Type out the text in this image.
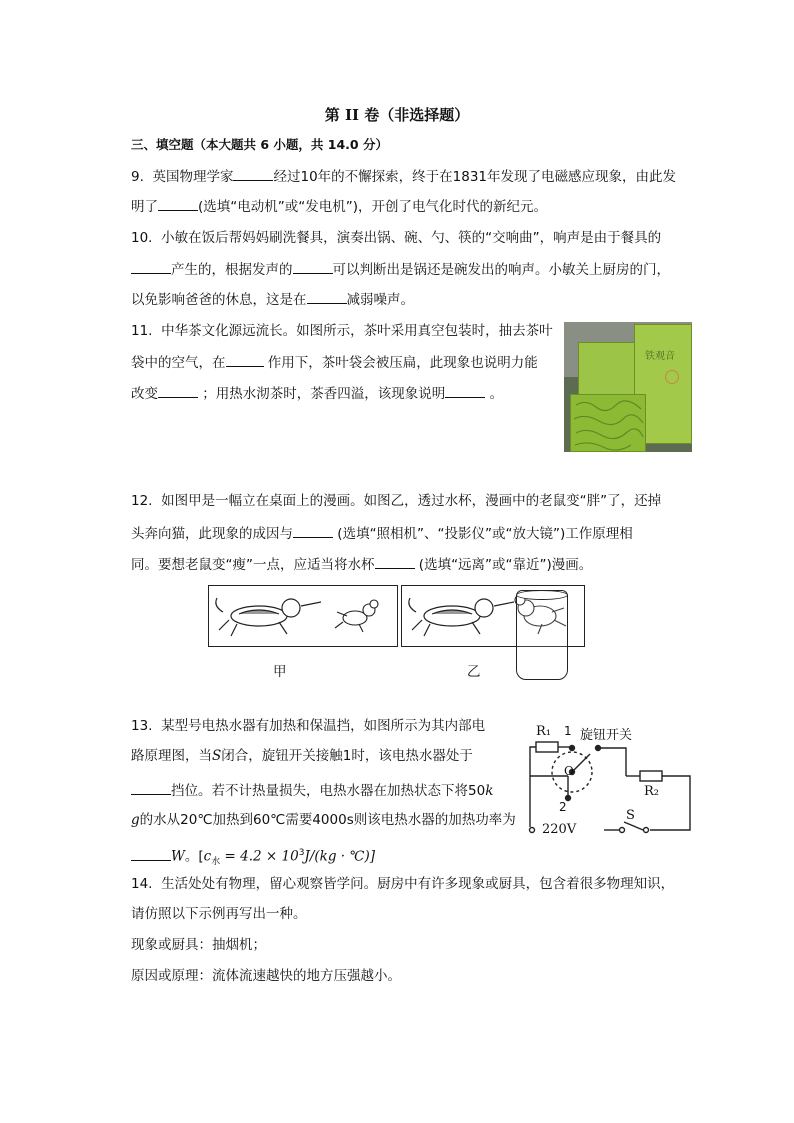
第 II 卷（非选择题）
三、填空题（本大题共 6 小题，共 14.0 分）
9. 英国物理学家	经过10年的不懈探索，终于在1831年发现了电磁感应现象，由此发
明了	(选填“电动机”或“发电机”)，开创了电气化时代的新纪元。
10. 小敏在饭后帮妈妈刷洗餐具，演奏出锅、碗、勺、筷的“交响曲”，响声是由于餐具的
产生的，根据发声的	可以判断出是锅还是碗发出的响声。小敏关上厨房的门，
以免影响爸爸的休息，这是在	减弱噪声。
11. 中华茶文化源远流长。如图所示，茶叶采用真空包装时，抽去茶叶
袋中的空气，在	作用下，茶叶袋会被压扁，此现象也说明力能
改变	；用热水沏茶时，茶香四溢，该现象说明	。
铁观音
12. 如图甲是一幅立在桌面上的漫画。如图乙，透过水杯，漫画中的老鼠变“胖”了，还掉
头奔向猫，此现象的成因与	(选填“照相机”、“投影仪”或“放大镜”)工作原理相
同。要想老鼠变“瘦”一点，应适当将水杯	(选填“远离”或“靠近”)漫画。
甲	乙
13. 某型号电热水器有加热和保温挡，如图所示为其内部电
路原理图，当S闭合，旋钮开关接触1时，该电热水器处于
挡位。若不计热量损失，电热水器在加热状态下将50k
g的水从20℃加热到60℃需要4000s则该电热水器的加热功率为
W。[$c_水 = 4.2 \times 10^3J/(kg$ · ℃)]
R₁ 1 旋钮开关
O
2
R₂
S
220V
14. 生活处处有物理，留心观察皆学问。厨房中有许多现象或厨具，包含着很多物理知识，
请仿照以下示例再写出一种。
现象或厨具：抽烟机；
原因或原理：流体流速越快的地方压强越小。
